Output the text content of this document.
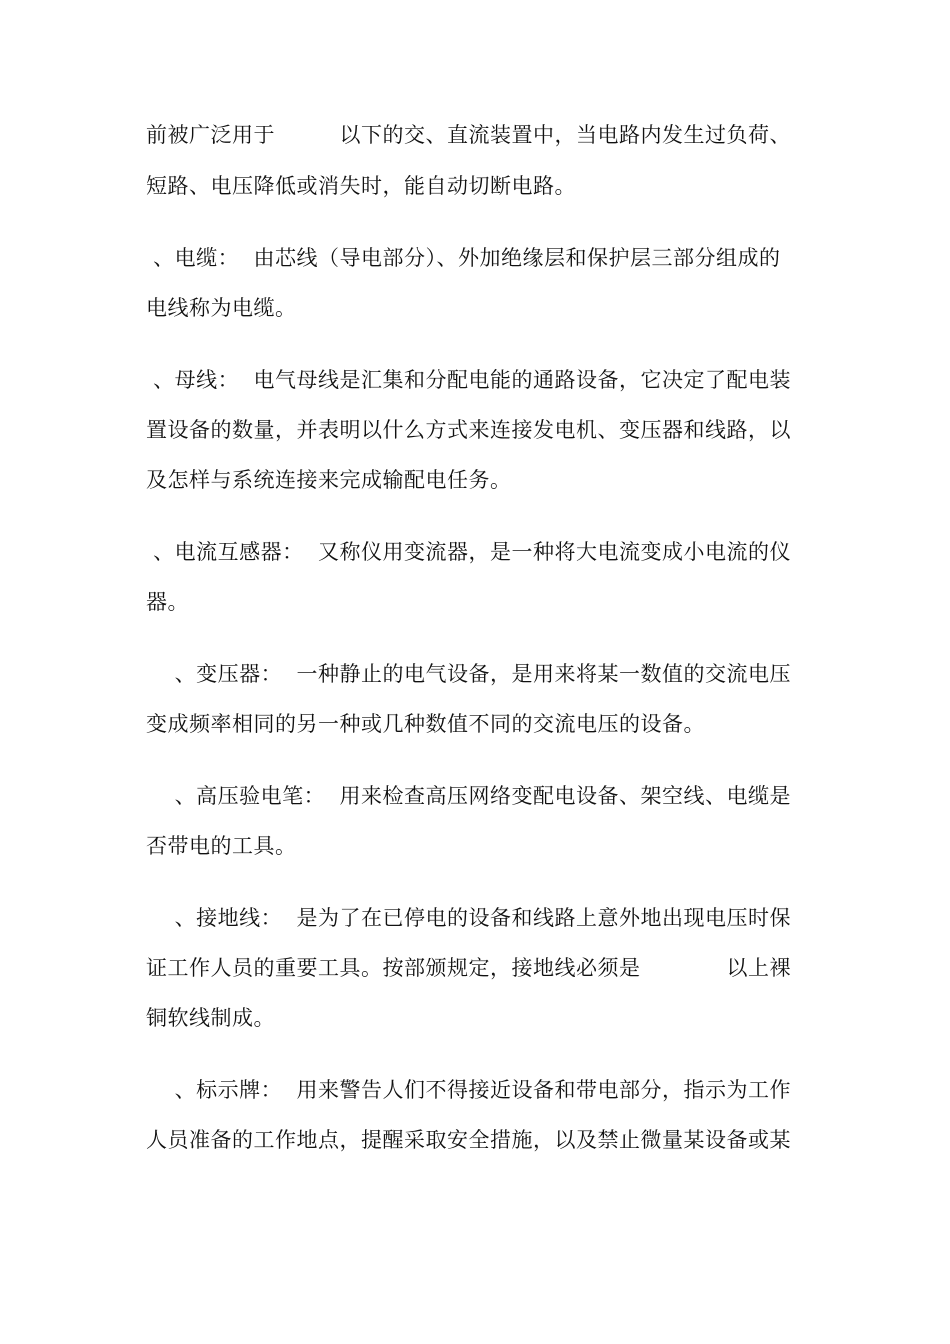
前被广泛用于　　　以下的交、直流装置中，当电路内发生过负荷、
短路、电压降低或消失时，能自动切断电路。
、电缆：  由芯线（导电部分）、外加绝缘层和保护层三部分组成的
电线称为电缆。
、母线：  电气母线是汇集和分配电能的通路设备，它决定了配电装
置设备的数量，并表明以什么方式来连接发电机、变压器和线路，以
及怎样与系统连接来完成输配电任务。
、电流互感器：  又称仪用变流器，是一种将大电流变成小电流的仪
器。
　 、变压器：  一种静止的电气设备，是用来将某一数值的交流电压
变成频率相同的另一种或几种数值不同的交流电压的设备。
　 、高压验电笔：  用来检查高压网络变配电设备、架空线、电缆是
否带电的工具。
　 、接地线：  是为了在已停电的设备和线路上意外地出现电压时保
证工作人员的重要工具。按部颁规定，接地线必须是　　　　以上裸
铜软线制成。
　 、标示牌：  用来警告人们不得接近设备和带电部分，指示为工作
人员准备的工作地点，提醒采取安全措施，以及禁止微量某设备或某
